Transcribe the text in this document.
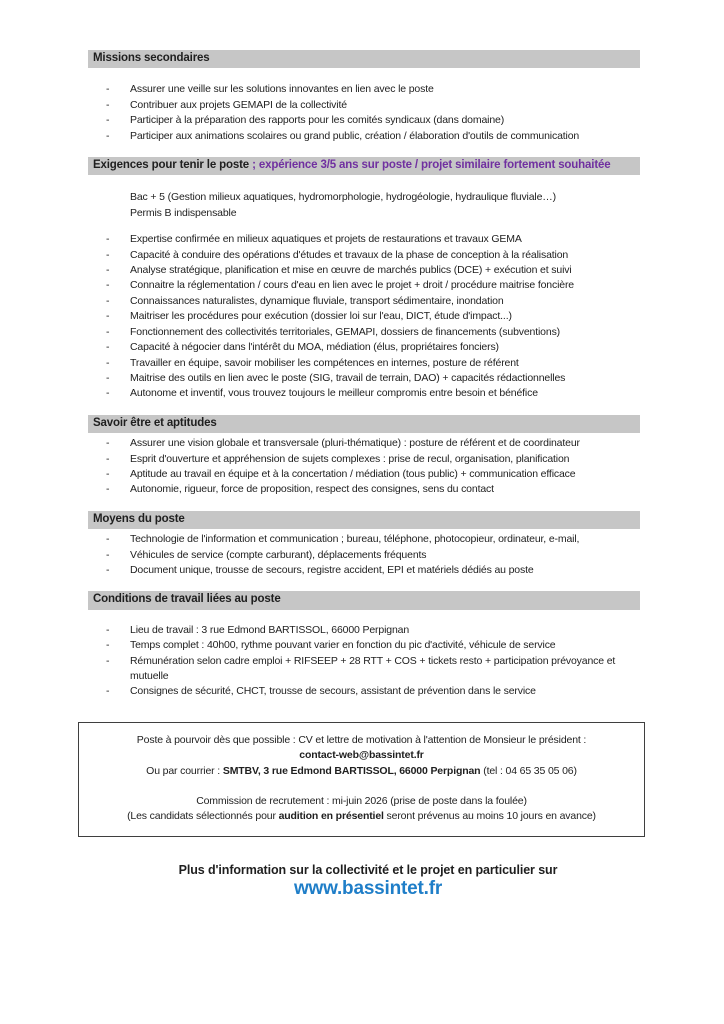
Missions secondaires
- Assurer une veille sur les solutions innovantes en lien avec le poste
- Contribuer aux projets GEMAPI de la collectivité
- Participer à la préparation des rapports pour les comités syndicaux (dans domaine)
- Participer aux animations scolaires ou grand public, création / élaboration d'outils de communication
Exigences pour tenir le poste ; expérience 3/5 ans sur poste / projet similaire fortement souhaitée
Bac + 5 (Gestion milieux aquatiques, hydromorphologie, hydrogéologie, hydraulique fluviale…)
Permis B indispensable
- Expertise confirmée en milieux aquatiques et projets de restaurations et travaux GEMA
- Capacité à conduire des opérations d'études et travaux de la phase de conception à la réalisation
- Analyse stratégique, planification et mise en œuvre de marchés publics (DCE) + exécution et suivi
- Connaitre la réglementation / cours d'eau en lien avec le projet + droit / procédure maitrise foncière
- Connaissances naturalistes, dynamique fluviale, transport sédimentaire, inondation
- Maitriser les procédures pour exécution (dossier loi sur l'eau, DICT, étude d'impact...)
- Fonctionnement des collectivités territoriales, GEMAPI, dossiers de financements (subventions)
- Capacité à négocier dans l'intérêt du MOA, médiation (élus, propriétaires fonciers)
- Travailler en équipe, savoir mobiliser les compétences en internes, posture de référent
- Maitrise des outils en lien avec le poste (SIG, travail de terrain, DAO) + capacités rédactionnelles
- Autonome et inventif, vous trouvez toujours le meilleur compromis entre besoin et bénéfice
Savoir être et aptitudes
- Assurer une vision globale et transversale (pluri-thématique) : posture de référent et de coordinateur
- Esprit d'ouverture et appréhension de sujets complexes : prise de recul, organisation, planification
- Aptitude au travail en équipe et à la concertation / médiation (tous public) + communication efficace
- Autonomie, rigueur, force de proposition, respect des consignes, sens du contact
Moyens du poste
- Technologie de l'information et communication ; bureau, téléphone, photocopieur, ordinateur, e-mail,
- Véhicules de service (compte carburant), déplacements fréquents
- Document unique, trousse de secours, registre accident, EPI et matériels dédiés au poste
Conditions de travail liées au poste
- Lieu de travail : 3 rue Edmond BARTISSOL, 66000 Perpignan
- Temps complet : 40h00, rythme pouvant varier en fonction du pic d'activité, véhicule de service
- Rémunération selon cadre emploi + RIFSEEP + 28 RTT + COS + tickets resto + participation prévoyance et mutuelle
- Consignes de sécurité, CHCT, trousse de secours, assistant de prévention dans le service
Poste à pourvoir dès que possible : CV et lettre de motivation à l'attention de Monsieur le président :
contact-web@bassintet.fr
Ou par courrier : SMTBV, 3 rue Edmond BARTISSOL, 66000 Perpignan (tel : 04 65 35 05 06)
Commission de recrutement : mi-juin 2026 (prise de poste dans la foulée)
(Les candidats sélectionnés pour audition en présentiel seront prévenus au moins 10 jours en avance)
Plus d'information sur la collectivité et le projet en particulier sur
www.bassintet.fr
